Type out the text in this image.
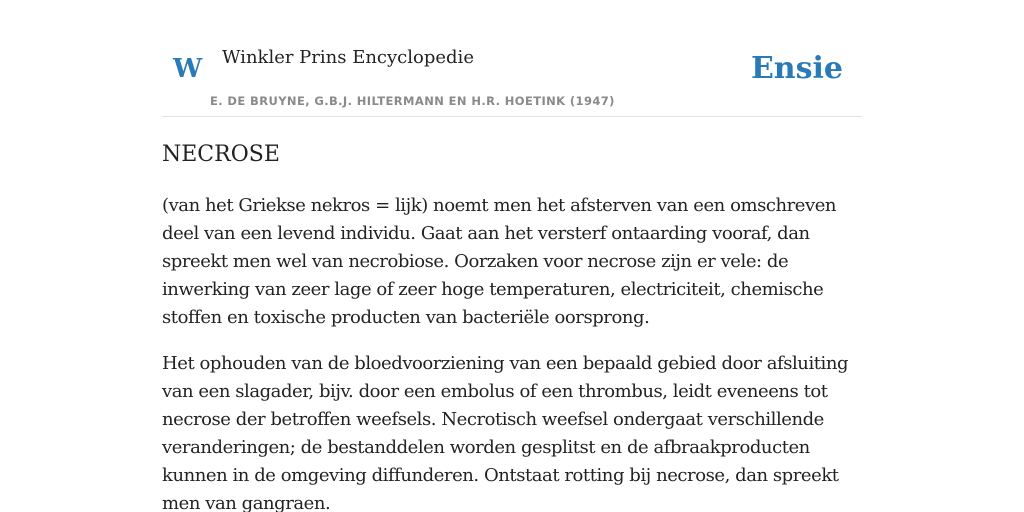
W Winkler Prins Encyclopedie
E. DE BRUYNE, G.B.J. HILTERMANN EN H.R. HOETINK (1947)
Ensie
NECROSE

(van het Griekse nekros = lijk) noemt men het afsterven van een omschreven deel van een levend individu. Gaat aan het versterf ontaarding vooraf, dan spreekt men wel van necrobiose. Oorzaken voor necrose zijn er vele: de inwerking van zeer lage of zeer hoge temperaturen, electriciteit, chemische stoffen en toxische producten van bacteriële oorsprong.

Het ophouden van de bloedvoorziening van een bepaald gebied door afsluiting van een slagader, bijv. door een embolus of een thrombus, leidt eveneens tot necrose der betroffen weefsels. Necrotisch weefsel ondergaat verschillende veranderingen; de bestanddelen worden gesplitst en de afbraakproducten kunnen in de omgeving diffunderen. Ontstaat rotting bij necrose, dan spreekt men van gangraen.
